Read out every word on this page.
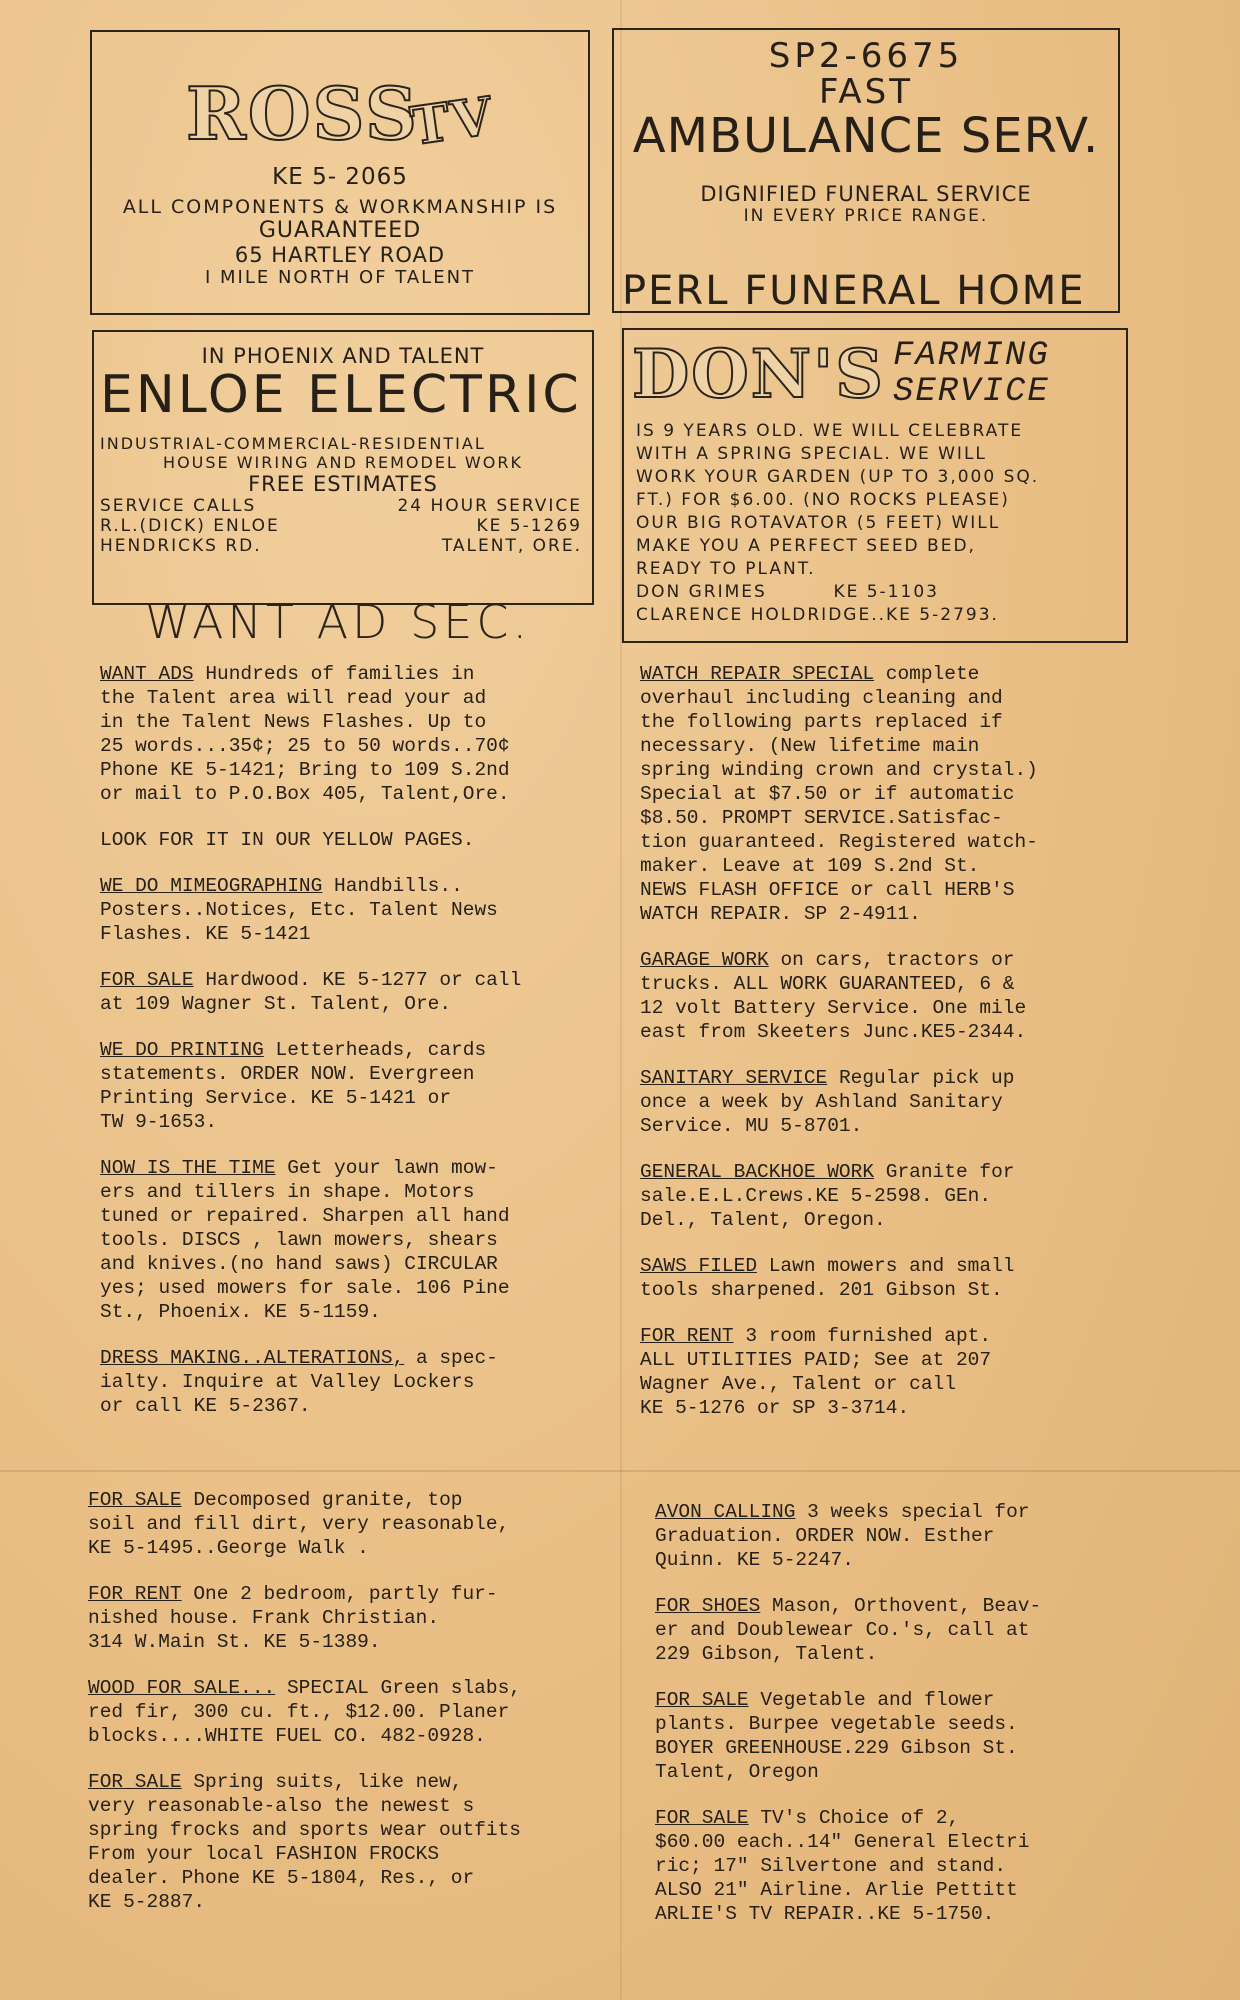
ROSSTV
KE 5- 2065
ALL COMPONENTS & WORKMANSHIP IS
GUARANTEED
65 HARTLEY ROAD
I MILE NORTH OF TALENT
SP2-6675
FAST
AMBULANCE SERV.
DIGNIFIED FUNERAL SERVICE
IN EVERY PRICE RANGE.
PERL FUNERAL HOME
IN PHOENIX AND TALENT
ENLOE ELECTRIC
INDUSTRIAL-COMMERCIAL-RESIDENTIAL
HOUSE WIRING AND REMODEL WORK
FREE ESTIMATES
SERVICE CALLS	24 HOUR SERVICE
R.L.(DICK) ENLOE	KE 5-1269
HENDRICKS RD.	TALENT, ORE.
DON'S FARMING
SERVICE
IS 9 YEARS OLD. WE WILL CELEBRATE
WITH A SPRING SPECIAL. WE WILL
WORK YOUR GARDEN (UP TO 3,000 SQ.
FT.) FOR $6.00. (NO ROCKS PLEASE)
OUR BIG ROTAVATOR (5 FEET) WILL
MAKE YOU A PERFECT SEED BED,
READY TO PLANT.
DON GRIMES	KE 5-1103
CLARENCE HOLDRIDGE..KE 5-2793.
WANT AD SEC.
WANT ADS Hundreds of families in
the Talent area will read your ad
in the Talent News Flashes. Up to
25 words...35¢; 25 to 50 words..70¢
Phone KE 5-1421; Bring to 109 S.2nd
or mail to P.O.Box 405, Talent,Ore.
LOOK FOR IT IN OUR YELLOW PAGES.
WE DO MIMEOGRAPHING Handbills..
Posters..Notices, Etc. Talent News
Flashes. KE 5-1421
FOR SALE Hardwood. KE 5-1277 or call
at 109 Wagner St. Talent, Ore.
WE DO PRINTING Letterheads, cards
statements. ORDER NOW. Evergreen
Printing Service. KE 5-1421 or
TW 9-1653.
NOW IS THE TIME Get your lawn mow-
ers and tillers in shape. Motors
tuned or repaired. Sharpen all hand
tools. DISCS , lawn mowers, shears
and knives.(no hand saws) CIRCULAR
yes; used mowers for sale. 106 Pine
St., Phoenix. KE 5-1159.
DRESS MAKING..ALTERATIONS, a spec-
ialty. Inquire at Valley Lockers
or call KE 5-2367.
WATCH REPAIR SPECIAL complete
overhaul including cleaning and
the following parts replaced if
necessary. (New lifetime main
spring winding crown and crystal.)
Special at $7.50 or if automatic
$8.50. PROMPT SERVICE.Satisfac-
tion guaranteed. Registered watch-
maker. Leave at 109 S.2nd St.
NEWS FLASH OFFICE or call HERB'S
WATCH REPAIR. SP 2-4911.
GARAGE WORK on cars, tractors or
trucks. ALL WORK GUARANTEED, 6 &
12 volt Battery Service. One mile
east from Skeeters Junc.KE5-2344.
SANITARY SERVICE Regular pick up
once a week by Ashland Sanitary
Service. MU 5-8701.
GENERAL BACKHOE WORK Granite for
sale.E.L.Crews.KE 5-2598. GEn.
Del., Talent, Oregon.
SAWS FILED Lawn mowers and small
tools sharpened. 201 Gibson St.
FOR RENT 3 room furnished apt.
ALL UTILITIES PAID; See at 207
Wagner Ave., Talent or call
KE 5-1276 or SP 3-3714.
FOR SALE Decomposed granite, top
soil and fill dirt, very reasonable,
KE 5-1495..George Walk .
FOR RENT One 2 bedroom, partly fur-
nished house. Frank Christian.
314 W.Main St. KE 5-1389.
WOOD FOR SALE... SPECIAL Green slabs,
red fir, 300 cu. ft., $12.00. Planer
blocks....WHITE FUEL CO. 482-0928.
FOR SALE Spring suits, like new,
very reasonable-also the newest s
spring frocks and sports wear outfits
From your local FASHION FROCKS
dealer. Phone KE 5-1804, Res., or
KE 5-2887.
AVON CALLING 3 weeks special for
Graduation. ORDER NOW. Esther
Quinn. KE 5-2247.
FOR SHOES Mason, Orthovent, Beav-
er and Doublewear Co.'s, call at
229 Gibson, Talent.
FOR SALE Vegetable and flower
plants. Burpee vegetable seeds.
BOYER GREENHOUSE.229 Gibson St.
Talent, Oregon
FOR SALE TV's Choice of 2,
$60.00 each..14" General Electri
ric; 17" Silvertone and stand.
ALSO 21" Airline. Arlie Pettitt
ARLIE'S TV REPAIR..KE 5-1750.
